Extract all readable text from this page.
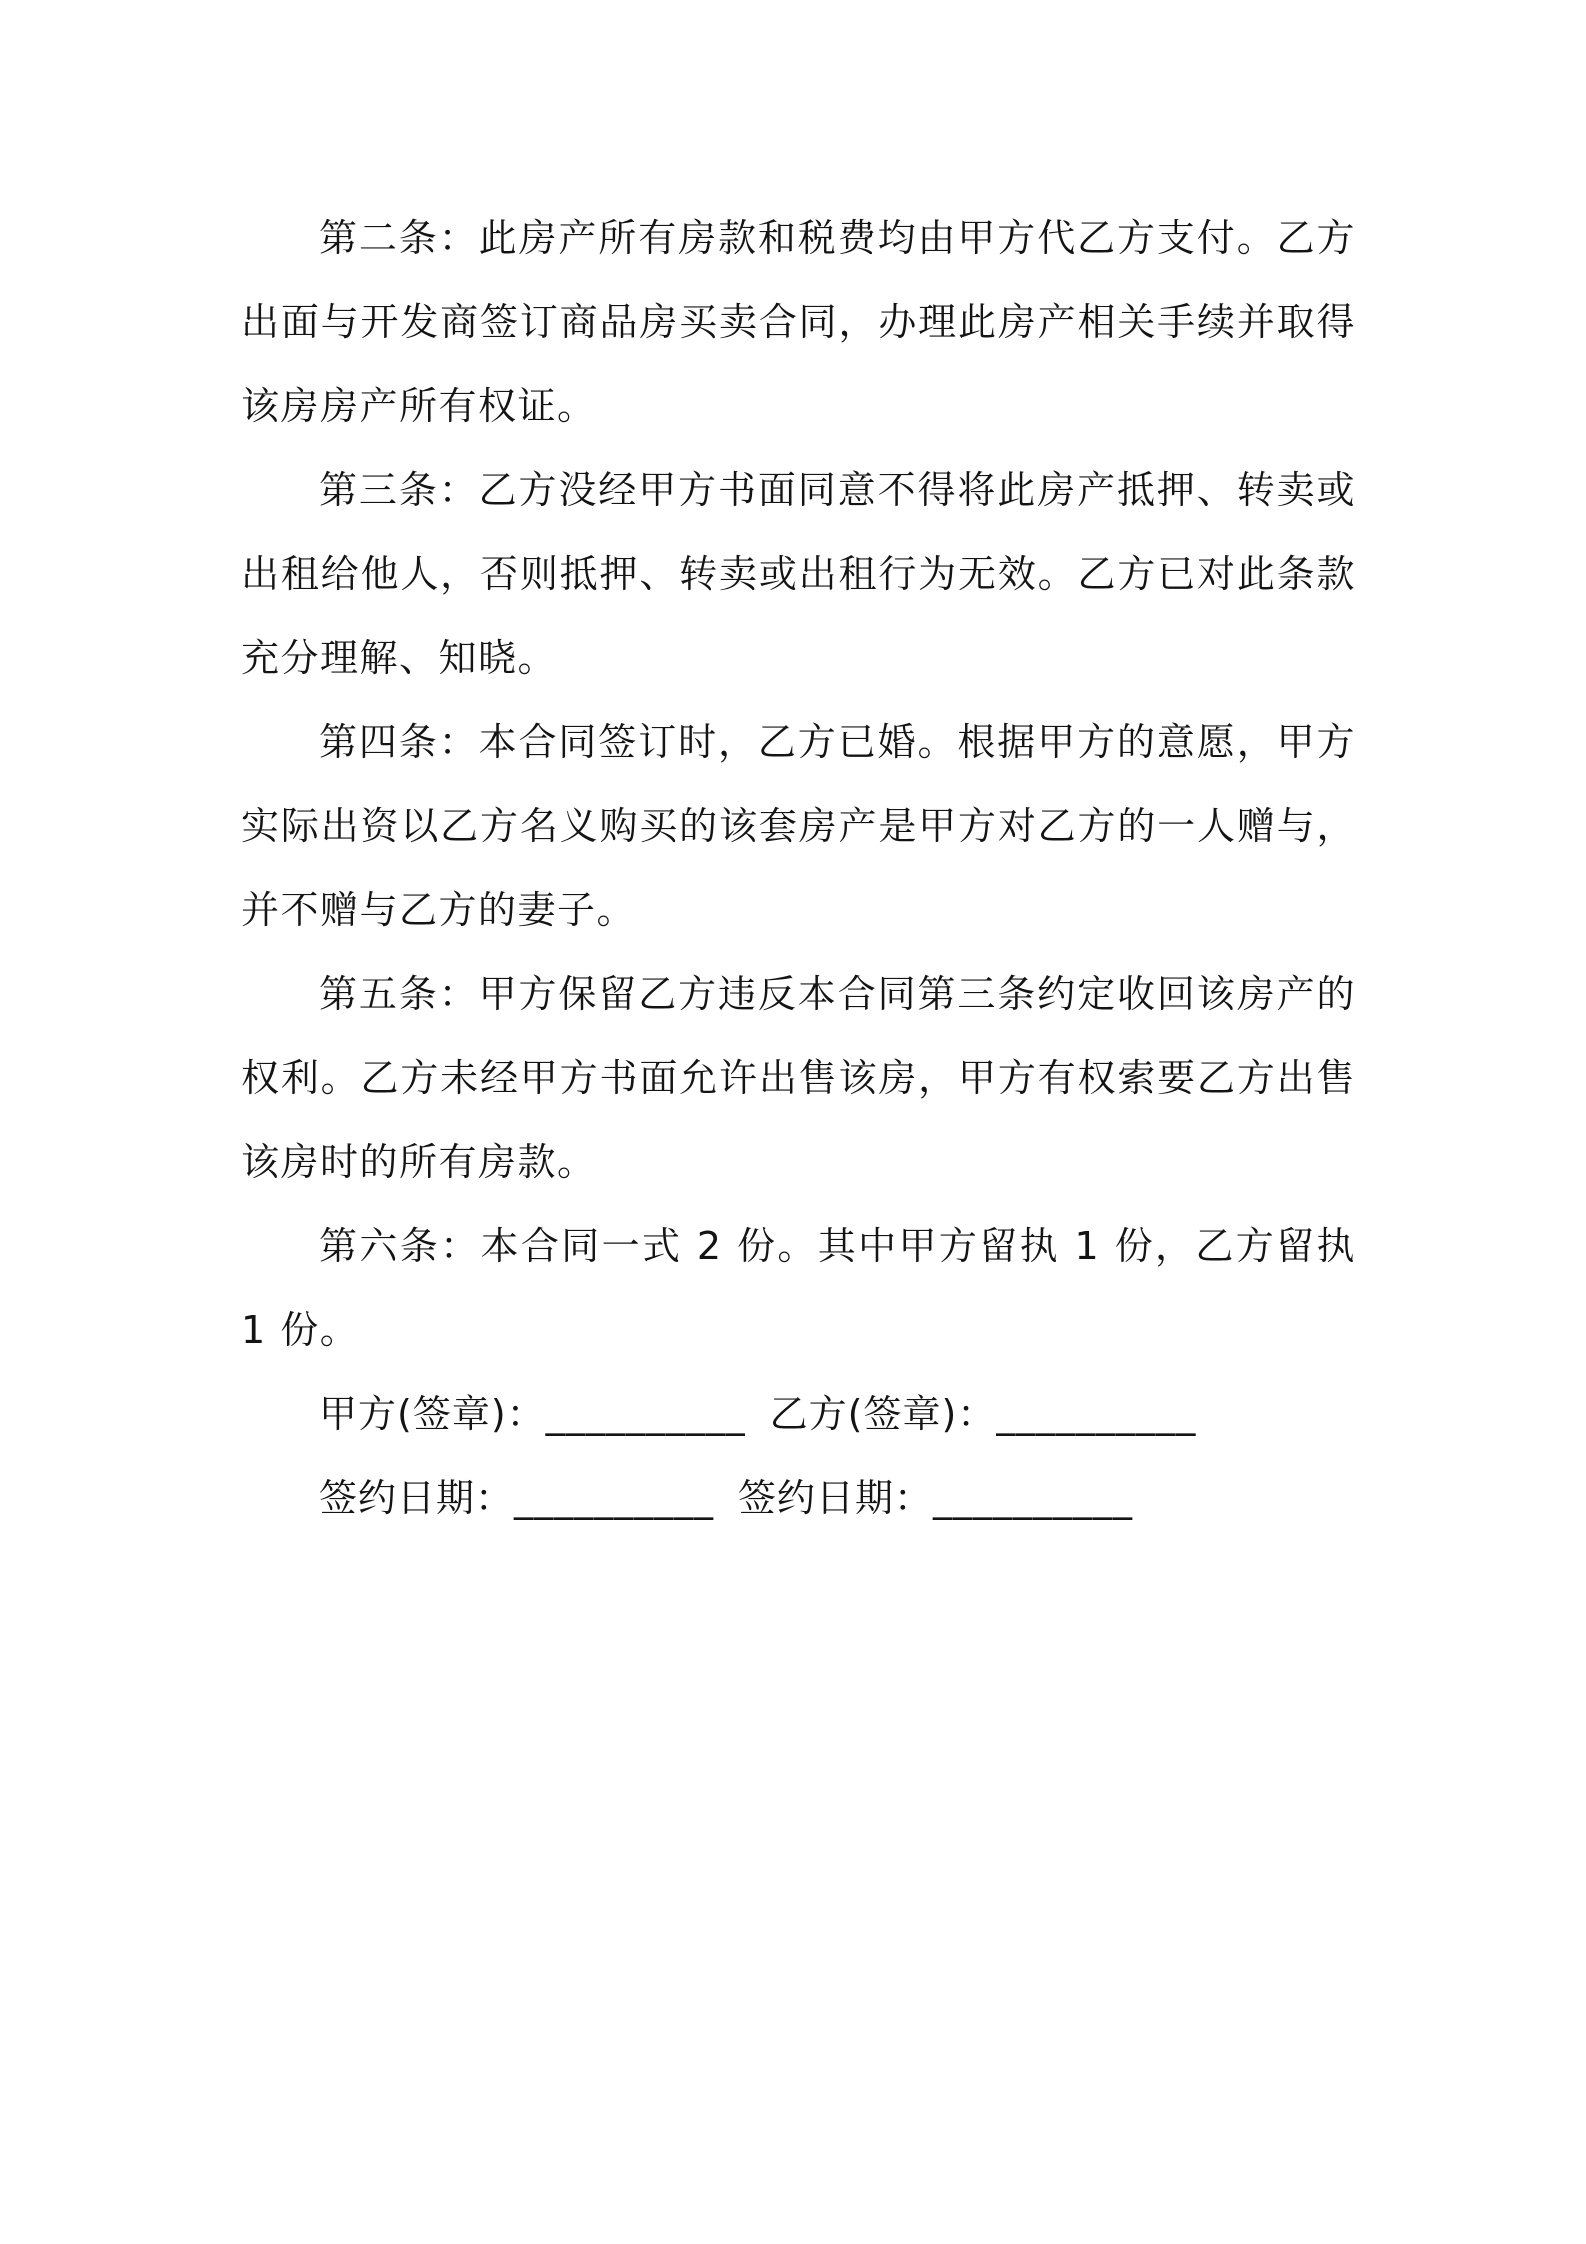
第二条：此房产所有房款和税费均由甲方代乙方支付。乙方出面与开发商签订商品房买卖合同，办理此房产相关手续并取得该房房产所有权证。

第三条：乙方没经甲方书面同意不得将此房产抵押、转卖或出租给他人，否则抵押、转卖或出租行为无效。乙方已对此条款充分理解、知晓。

第四条：本合同签订时，乙方已婚。根据甲方的意愿，甲方实际出资以乙方名义购买的该套房产是甲方对乙方的一人赠与，并不赠与乙方的妻子。

第五条：甲方保留乙方违反本合同第三条约定收回该房产的权利。乙方未经甲方书面允许出售该房，甲方有权索要乙方出售该房时的所有房款。

第六条：本合同一式 2 份。其中甲方留执 1 份，乙方留执 1 份。

甲方(签章)：__________ 乙方(签章)：__________
签约日期：__________ 签约日期：__________
